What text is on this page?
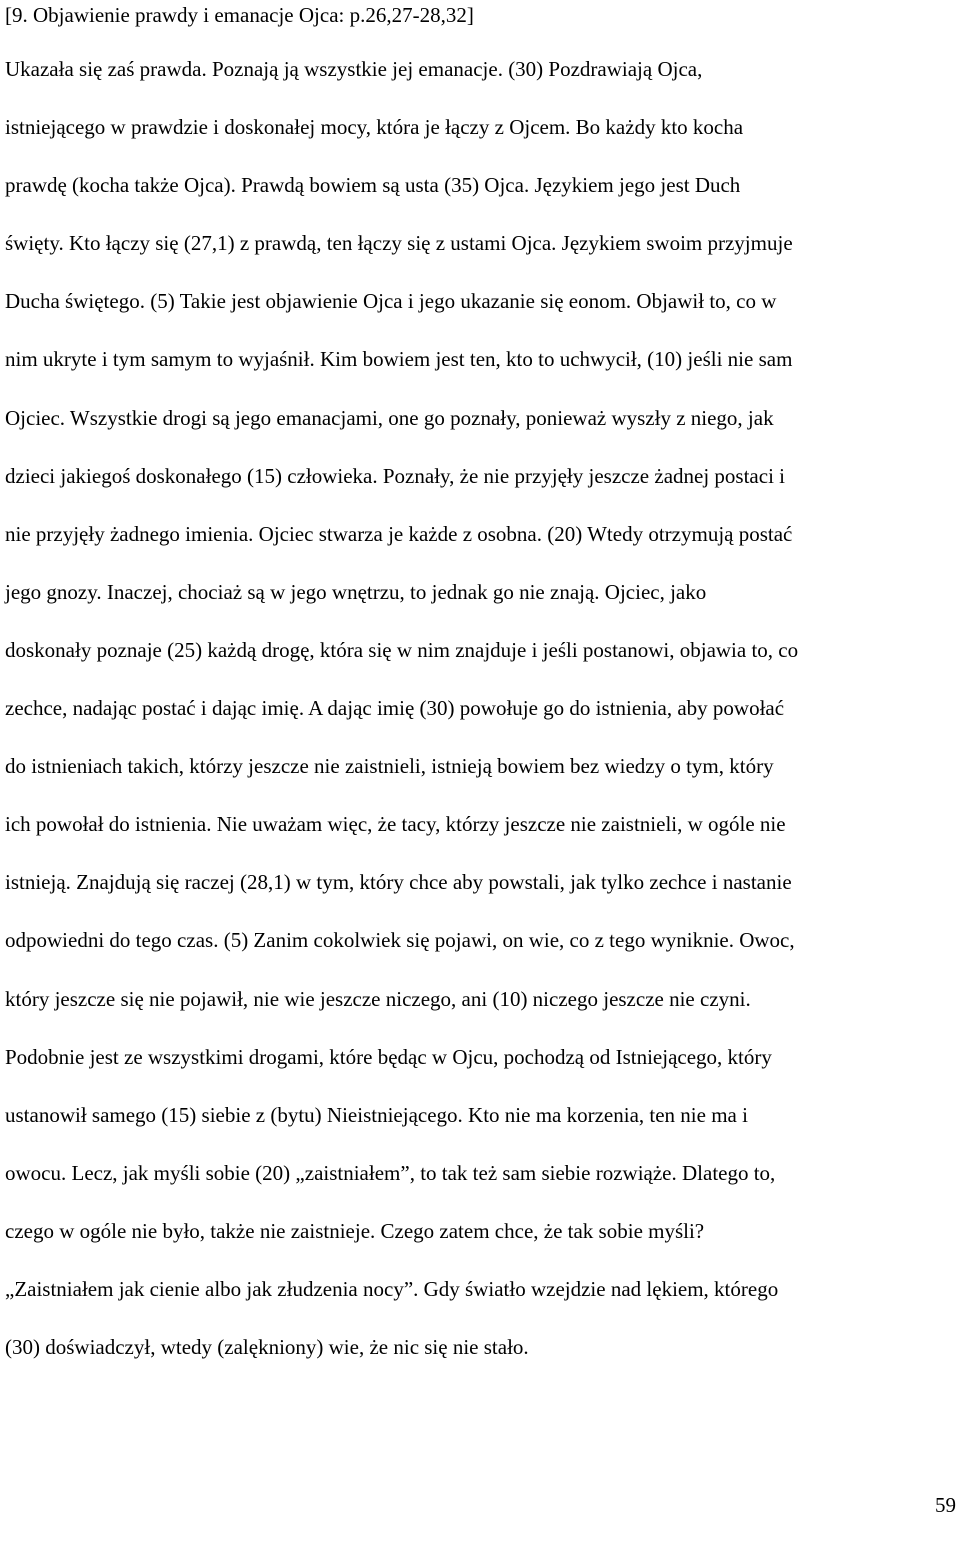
[9. Objawienie prawdy i emanacje Ojca: p.26,27-28,32]
Ukazała się zaś prawda. Poznają ją wszystkie jej emanacje. (30) Pozdrawiają Ojca,
istniejącego w prawdzie i doskonałej mocy, która je łączy z Ojcem. Bo każdy kto kocha
prawdę (kocha także Ojca). Prawdą bowiem są usta (35) Ojca. Językiem jego jest Duch
święty. Kto łączy się (27,1) z prawdą, ten łączy się z ustami Ojca. Językiem swoim przyjmuje
Ducha świętego. (5) Takie jest objawienie Ojca i jego ukazanie się eonom. Objawił to, co w
nim ukryte i tym samym to wyjaśnił. Kim bowiem jest ten, kto to uchwycił, (10) jeśli nie sam
Ojciec. Wszystkie drogi są jego emanacjami, one go poznały, ponieważ wyszły z niego, jak
dzieci jakiegoś doskonałego (15) człowieka. Poznały, że nie przyjęły jeszcze żadnej postaci i
nie przyjęły żadnego imienia. Ojciec stwarza je każde z osobna. (20) Wtedy otrzymują postać
jego gnozy. Inaczej, chociaż są w jego wnętrzu, to jednak go nie znają. Ojciec, jako
doskonały poznaje (25) każdą drogę, która się w nim znajduje i jeśli postanowi, objawia to, co
zechce, nadając postać i dając imię. A dając imię (30) powołuje go do istnienia, aby powołać
do istnieniach takich, którzy jeszcze nie zaistnieli, istnieją bowiem bez wiedzy o tym, który
ich powołał do istnienia. Nie uważam więc, że tacy, którzy jeszcze nie zaistnieli, w ogóle nie
istnieją. Znajdują się raczej (28,1) w tym, który chce aby powstali, jak tylko zechce i nastanie
odpowiedni do tego czas. (5) Zanim cokolwiek się pojawi, on wie, co z tego wyniknie. Owoc,
który jeszcze się nie pojawił, nie wie jeszcze niczego, ani (10) niczego jeszcze nie czyni.
Podobnie jest ze wszystkimi drogami, które będąc w Ojcu, pochodzą od Istniejącego, który
ustanowił samego (15) siebie z (bytu) Nieistniejącego. Kto nie ma korzenia, ten nie ma i
owocu. Lecz, jak myśli sobie (20) „zaistniałem”, to tak też sam siebie rozwiąże. Dlatego to,
czego w ogóle nie było, także nie zaistnieje. Czego zatem chce, że tak sobie myśli?
„Zaistniałem jak cienie albo jak złudzenia nocy”. Gdy światło wzejdzie nad lękiem, którego
(30) doświadczył, wtedy (zalękniony) wie, że nic się nie stało.
59
